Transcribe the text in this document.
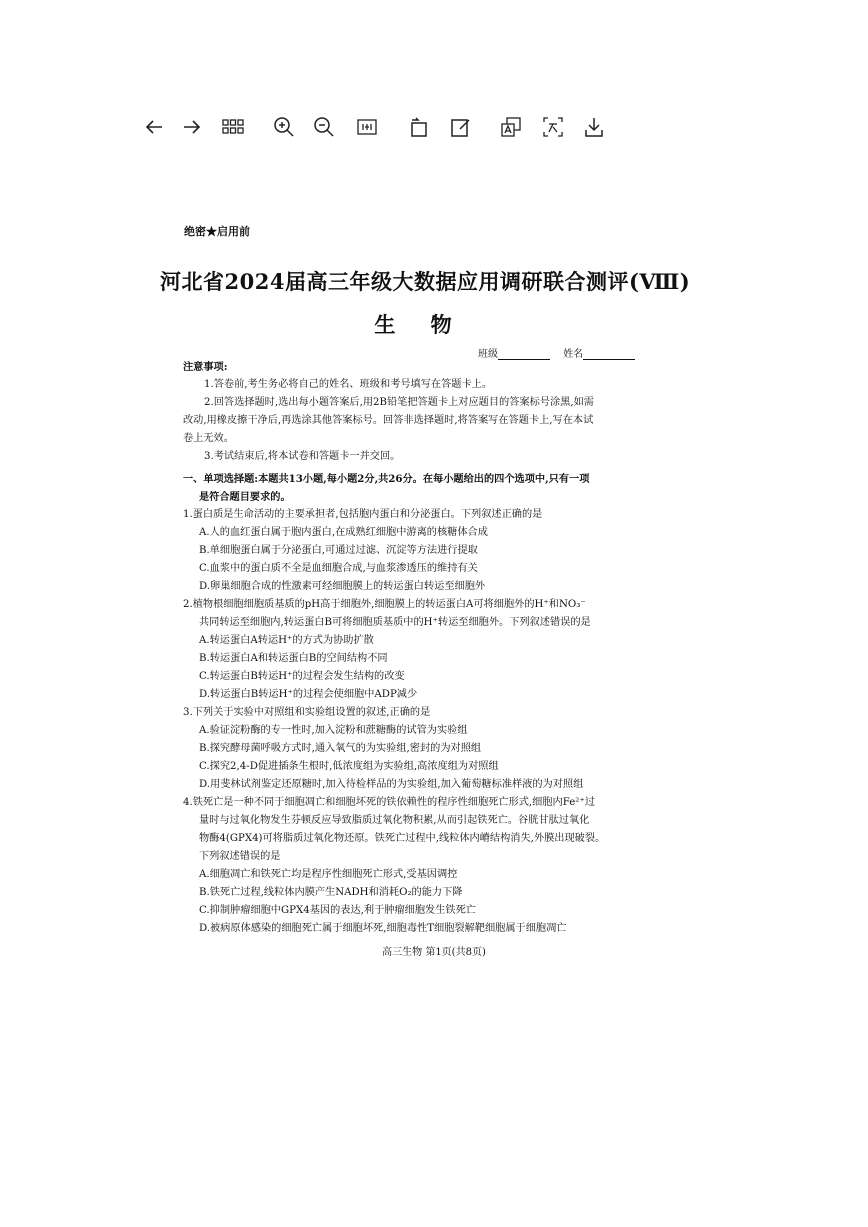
绝密★启用前
河北省2024届高三年级大数据应用调研联合测评(Ⅷ)
生 物
班级	姓名

注意事项:

1.答卷前,考生务必将自己的姓名、班级和考号填写在答题卡上。

2.回答选择题时,选出每小题答案后,用2B铅笔把答题卡上对应题目的答案标号涂黑,如需

改动,用橡皮擦干净后,再选涂其他答案标号。回答非选择题时,将答案写在答题卡上,写在本试

卷上无效。

3.考试结束后,将本试卷和答题卡一并交回。

一、单项选择题:本题共13小题,每小题2分,共26分。在每小题给出的四个选项中,只有一项

是符合题目要求的。

1.蛋白质是生命活动的主要承担者,包括胞内蛋白和分泌蛋白。下列叙述正确的是

A.人的血红蛋白属于胞内蛋白,在成熟红细胞中游离的核糖体合成

B.单细胞蛋白属于分泌蛋白,可通过过滤、沉淀等方法进行提取

C.血浆中的蛋白质不全是血细胞合成,与血浆渗透压的维持有关

D.卵巢细胞合成的性激素可经细胞膜上的转运蛋白转运至细胞外

2.植物根细胞细胞质基质的pH高于细胞外,细胞膜上的转运蛋白A可将细胞外的H⁺和NO₃⁻

共同转运至细胞内,转运蛋白B可将细胞质基质中的H⁺转运至细胞外。下列叙述错误的是

A.转运蛋白A转运H⁺的方式为协助扩散

B.转运蛋白A和转运蛋白B的空间结构不同

C.转运蛋白B转运H⁺的过程会发生结构的改变

D.转运蛋白B转运H⁺的过程会使细胞中ADP减少

3.下列关于实验中对照组和实验组设置的叙述,正确的是

A.验证淀粉酶的专一性时,加入淀粉和蔗糖酶的试管为实验组

B.探究酵母菌呼吸方式时,通入氧气的为实验组,密封的为对照组

C.探究2,4-D促进插条生根时,低浓度组为实验组,高浓度组为对照组

D.用斐林试剂鉴定还原糖时,加入待检样品的为实验组,加入葡萄糖标准样液的为对照组

4.铁死亡是一种不同于细胞凋亡和细胞坏死的铁依赖性的程序性细胞死亡形式,细胞内Fe²⁺过

量时与过氧化物发生芬顿反应导致脂质过氧化物积累,从而引起铁死亡。谷胱甘肽过氧化

物酶4(GPX4)可将脂质过氧化物还原。铁死亡过程中,线粒体内嵴结构消失,外膜出现破裂。

下列叙述错误的是

A.细胞凋亡和铁死亡均是程序性细胞死亡形式,受基因调控

B.铁死亡过程,线粒体内膜产生NADH和消耗O₂的能力下降

C.抑制肿瘤细胞中GPX4基因的表达,利于肿瘤细胞发生铁死亡

D.被病原体感染的细胞死亡属于细胞坏死,细胞毒性T细胞裂解靶细胞属于细胞凋亡

高三生物 第1页(共8页)
